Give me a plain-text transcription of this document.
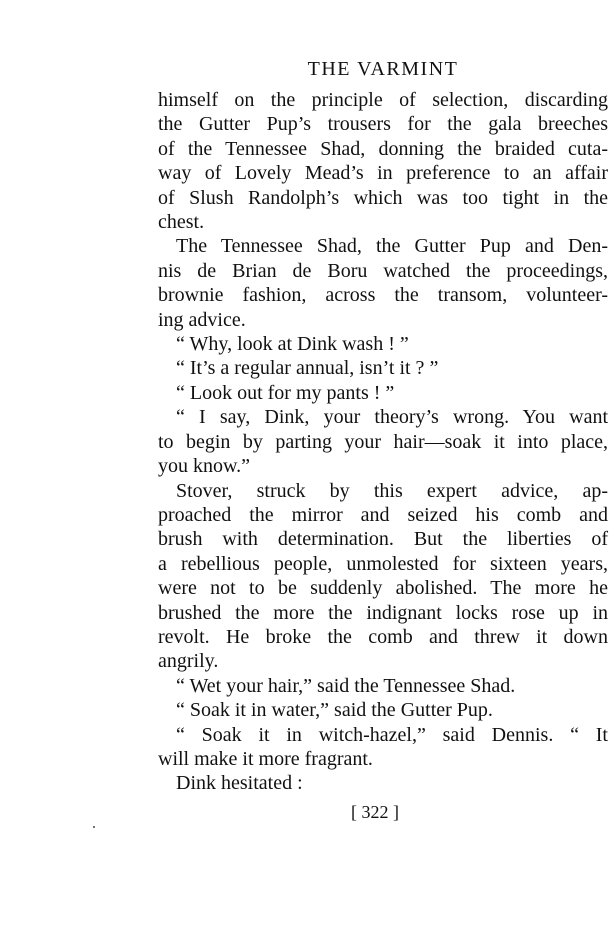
THE VARMINT
himself on the principle of selection, discarding
the Gutter Pup’s trousers for the gala breeches
of the Tennessee Shad, donning the braided cuta-
way of Lovely Mead’s in preference to an affair
of Slush Randolph’s which was too tight in the
chest.
The Tennessee Shad, the Gutter Pup and Den-
nis de Brian de Boru watched the proceedings,
brownie fashion, across the transom, volunteer-
ing advice.
“ Why, look at Dink wash ! ”
“ It’s a regular annual, isn’t it ? ”
“ Look out for my pants ! ”
“ I say, Dink, your theory’s wrong. You want
to begin by parting your hair—soak it into place,
you know.”
Stover, struck by this expert advice, ap-
proached the mirror and seized his comb and
brush with determination. But the liberties of
a rebellious people, unmolested for sixteen years,
were not to be suddenly abolished. The more he
brushed the more the indignant locks rose up in
revolt. He broke the comb and threw it down
angrily.
“ Wet your hair,” said the Tennessee Shad.
“ Soak it in water,” said the Gutter Pup.
“ Soak it in witch-hazel,” said Dennis. “ It
will make it more fragrant.
Dink hesitated :
[ 322 ]
